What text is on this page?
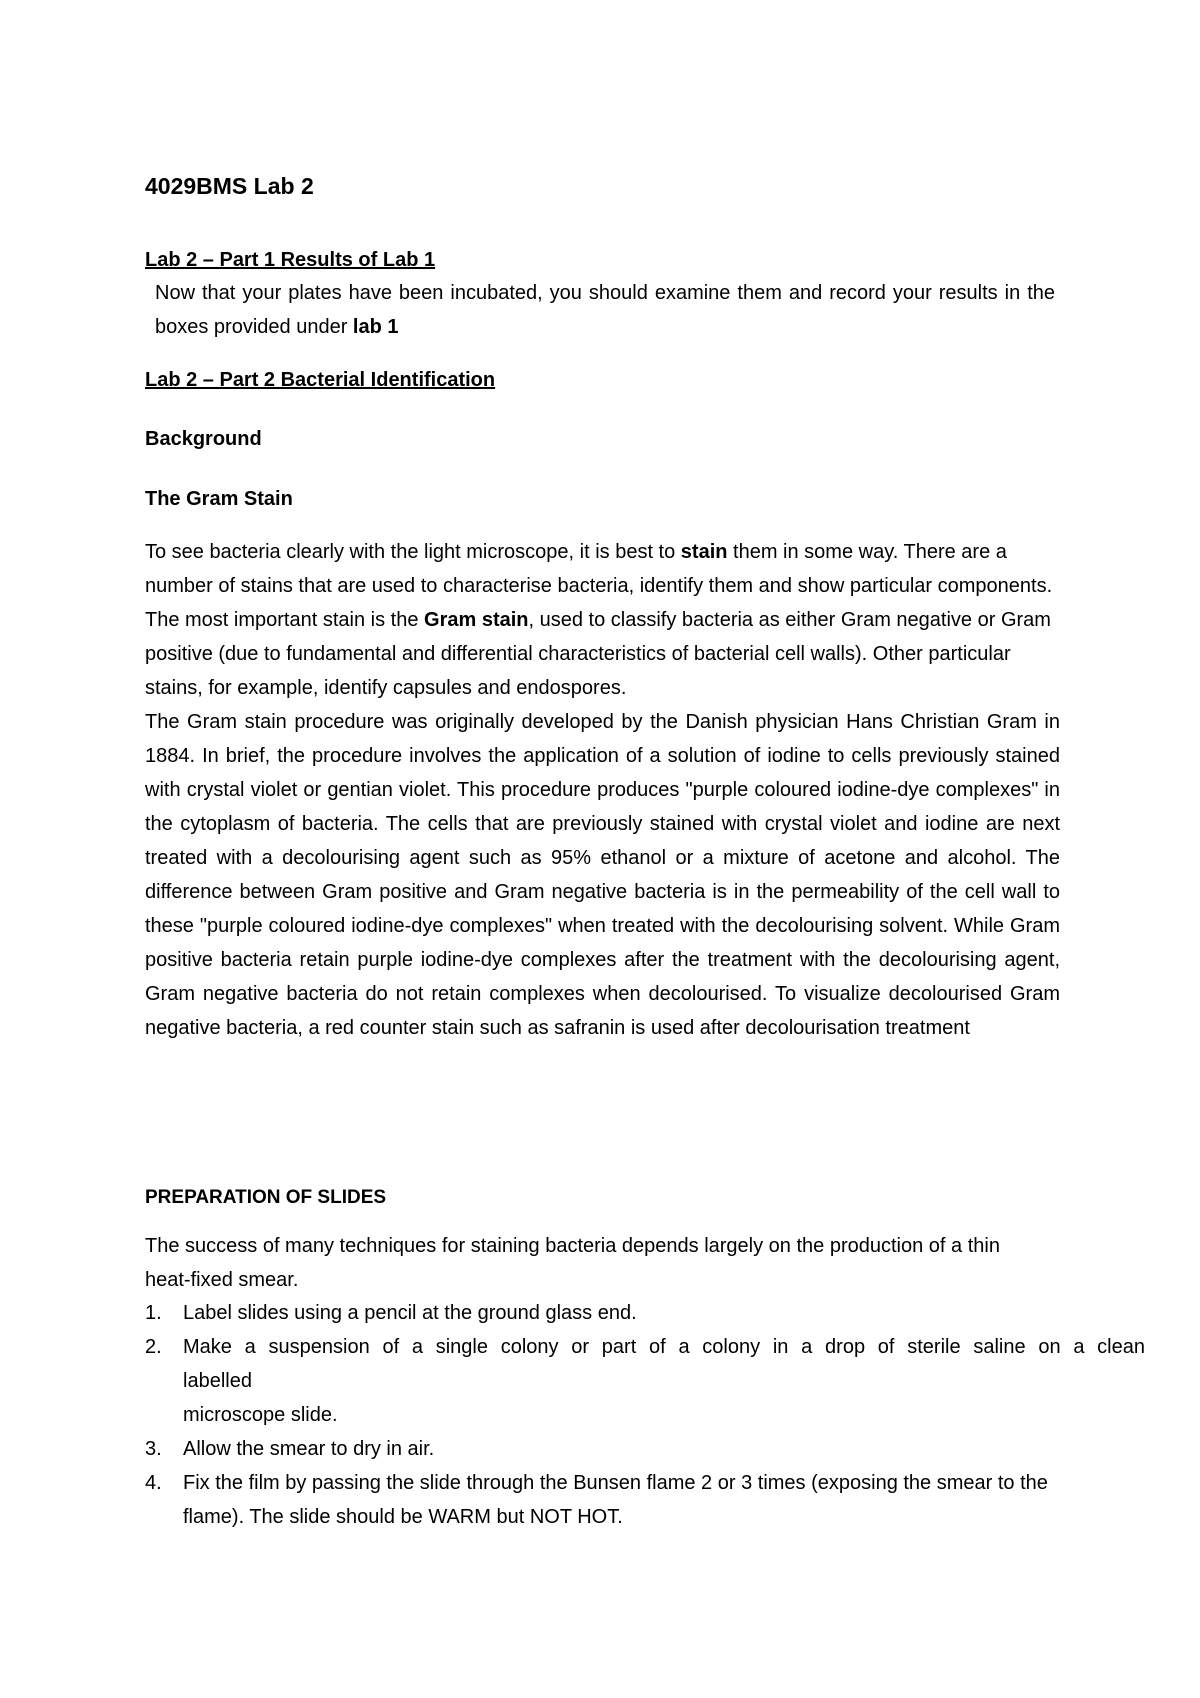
4029BMS Lab 2
Lab 2 – Part 1 Results of Lab 1
Now that your plates have been incubated, you should examine them and record your results in the boxes provided under lab 1
Lab 2 – Part 2 Bacterial Identification
Background
The Gram Stain

To see bacteria clearly with the light microscope, it is best to stain them in some way. There are a number of stains that are used to characterise bacteria, identify them and show particular components.

The most important stain is the Gram stain, used to classify bacteria as either Gram negative or Gram positive (due to fundamental and differential characteristics of bacterial cell walls). Other particular stains, for example, identify capsules and endospores.

The Gram stain procedure was originally developed by the Danish physician Hans Christian Gram in 1884. In brief, the procedure involves the application of a solution of iodine to cells previously stained with crystal violet or gentian violet. This procedure produces "purple coloured iodine-dye complexes" in the cytoplasm of bacteria. The cells that are previously stained with crystal violet and iodine are next treated with a decolourising agent such as 95% ethanol or a mixture of acetone and alcohol. The difference between Gram positive and Gram negative bacteria is in the permeability of the cell wall to these "purple coloured iodine-dye complexes" when treated with the decolourising solvent. While Gram positive bacteria retain purple iodine-dye complexes after the treatment with the decolourising agent, Gram negative bacteria do not retain complexes when decolourised. To visualize decolourised Gram negative bacteria, a red counter stain such as safranin is used after decolourisation treatment

PREPARATION OF SLIDES
The success of many techniques for staining bacteria depends largely on the production of a thin heat-fixed smear.
1. Label slides using a pencil at the ground glass end.
2. Make a suspension of a single colony or part of a colony in a drop of sterile saline on a clean
labelled
microscope slide.
3. Allow the smear to dry in air.
4. Fix the film by passing the slide through the Bunsen flame 2 or 3 times (exposing the smear to the flame). The slide should be WARM but NOT HOT.
